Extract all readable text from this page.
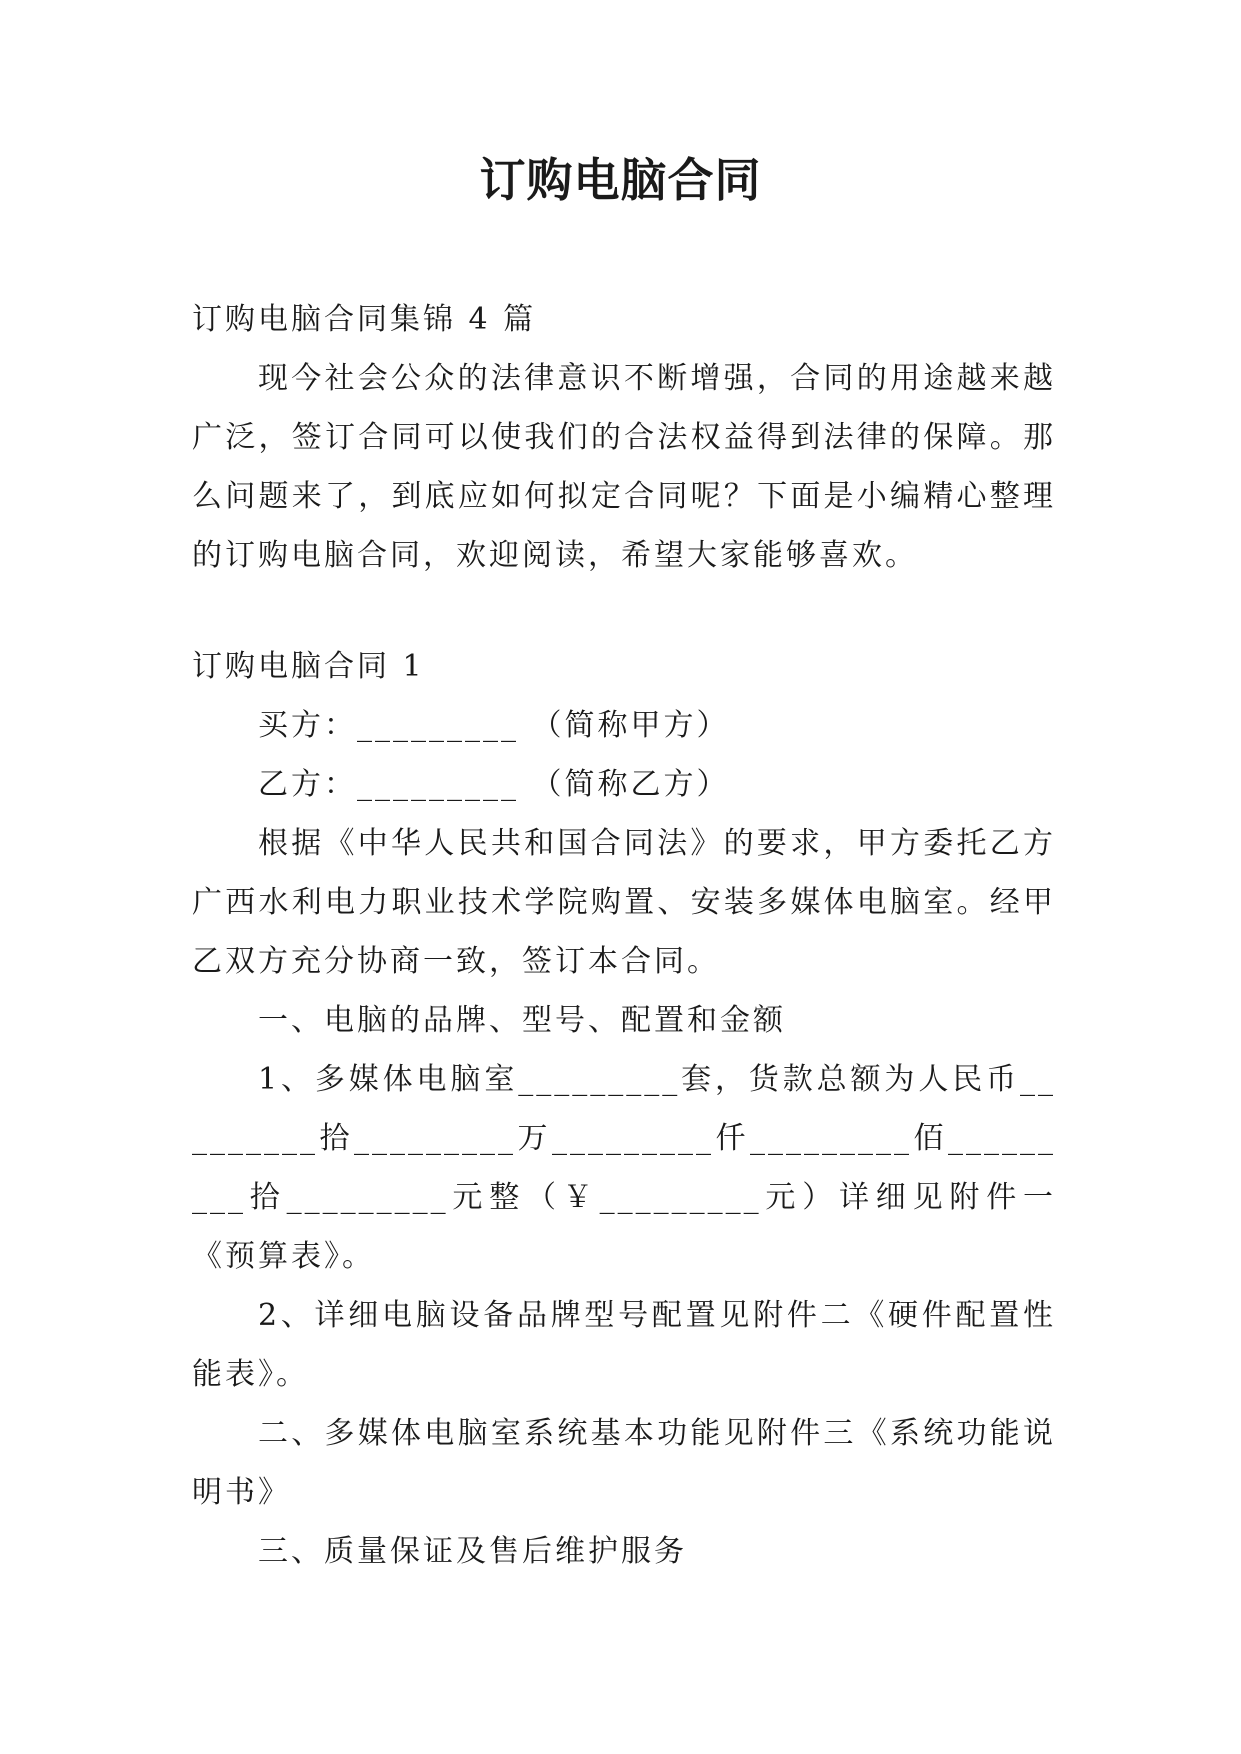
订购电脑合同

订购电脑合同集锦 4 篇

现今社会公众的法律意识不断增强，合同的用途越来越广泛，签订合同可以使我们的合法权益得到法律的保障。那么问题来了，到底应如何拟定合同呢？下面是小编精心整理的订购电脑合同，欢迎阅读，希望大家能够喜欢。

订购电脑合同 1

买方：_________ （简称甲方）

乙方：_________ （简称乙方）

根据《中华人民共和国合同法》的要求，甲方委托乙方广西水利电力职业技术学院购置、安装多媒体电脑室。经甲乙双方充分协商一致，签订本合同。

一、电脑的品牌、型号、配置和金额

1、多媒体电脑室_________套，货款总额为人民币_________拾_________万_________仟_________佰_________拾_________元整（￥_________元）详细见附件一《预算表》。

2、详细电脑设备品牌型号配置见附件二《硬件配置性能表》。

二、多媒体电脑室系统基本功能见附件三《系统功能说明书》

三、质量保证及售后维护服务
